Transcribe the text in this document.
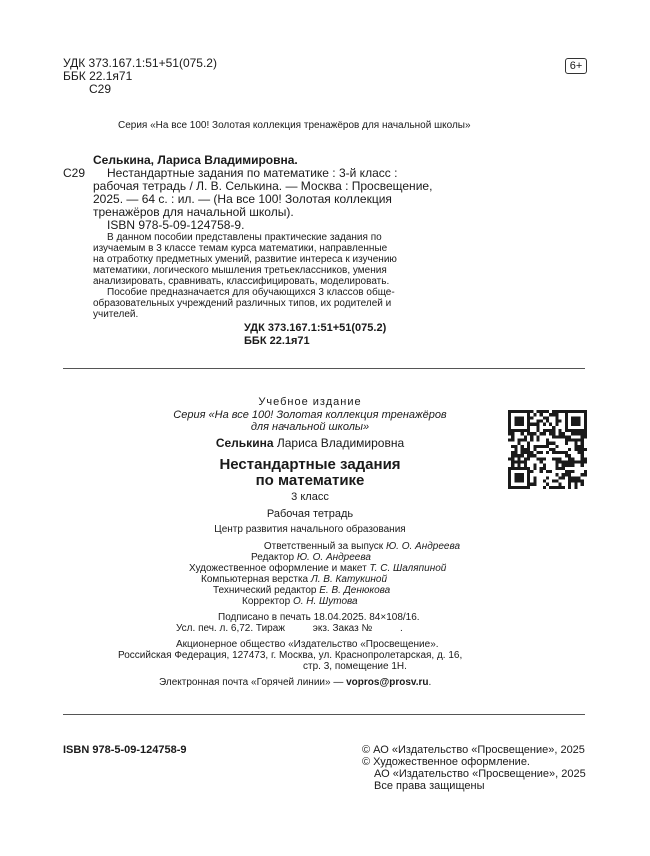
УДК 373.167.1:51+51(075.2)
ББК 22.1я71
С29
6+
Серия «На все 100! Золотая коллекция тренажёров для начальной школы»
С29
Селькина, Лариса Владимировна.
Нестандартные задания по математике : 3-й класс :
рабочая тетрадь / Л. В. Селькина. — Москва : Просвещение,
2025. — 64 с. : ил. — (На все 100! Золотая коллекция
тренажёров для начальной школы).
ISBN 978-5-09-124758-9.
В данном пособии представлены практические задания по
изучаемым в 3 классе темам курса математики, направленные
на отработку предметных умений, развитие интереса к изучению
математики, логического мышления третьеклассников, умения
анализировать, сравнивать, классифицировать, моделировать.
Пособие предназначается для обучающихся 3 классов обще-
образовательных учреждений различных типов, их родителей и
учителей.
УДК 373.167.1:51+51(075.2)
ББК 22.1я71
Учебное издание
Серия «На все 100! Золотая коллекция тренажёров
для начальной школы»
Селькина Лариса Владимировна
Нестандартные задания
по математике
3 класс
Рабочая тетрадь
Центр развития начального образования
Ответственный за выпуск Ю. О. Андреева
Редактор Ю. О. Андреева
Художественное оформление и макет Т. С. Шаляпиной
Компьютерная верстка Л. В. Катукиной
Технический редактор Е. В. Денюкова
Корректор О. Н. Шутова
Подписано в печать 18.04.2025. 84×108/16.
Усл. печ. л. 6,72. Тираж          экз. Заказ №          .
Акционерное общество «Издательство «Просвещение».
Российская Федерация, 127473, г. Москва, ул. Краснопролетарская, д. 16,
стр. 3, помещение 1Н.
Электронная почта «Горячей линии» — vopros@prosv.ru.
ISBN 978-5-09-124758-9	© АО «Издательство «Просвещение», 2025
© Художественное оформление.
АО «Издательство «Просвещение», 2025
Все права защищены
